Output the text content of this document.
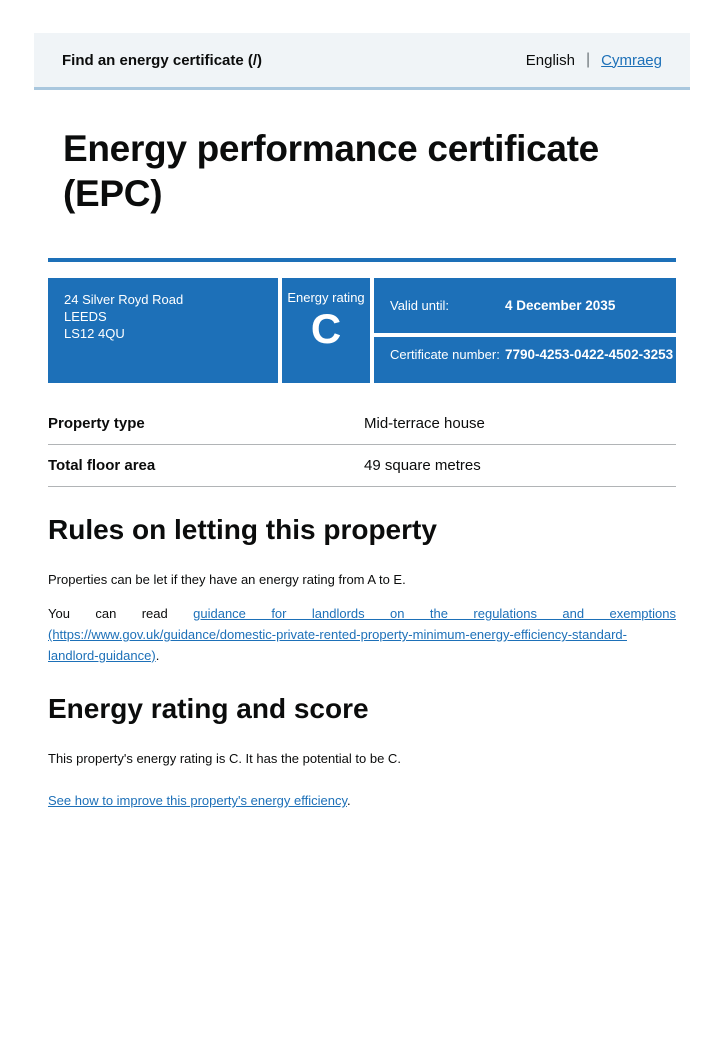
Find an energy certificate (/)	English | Cymraeg
Energy performance certificate (EPC)
24 Silver Royd Road
LEEDS
LS12 4QU
Energy rating
C	Valid until:	4 December 2035
Certificate number: 7790-4253-0422-4502-3253
Property type	Mid-terrace house
Total floor area	49 square metres
Rules on letting this property

Properties can be let if they have an energy rating from A to E.

You can read guidance for landlords on the regulations and exemptions (https://www.gov.uk/guidance/domestic-private-rented-property-minimum-energy-efficiency-standard-landlord-guidance).

Energy rating and score

This property's energy rating is C. It has the potential to be C.

See how to improve this property's energy efficiency.
